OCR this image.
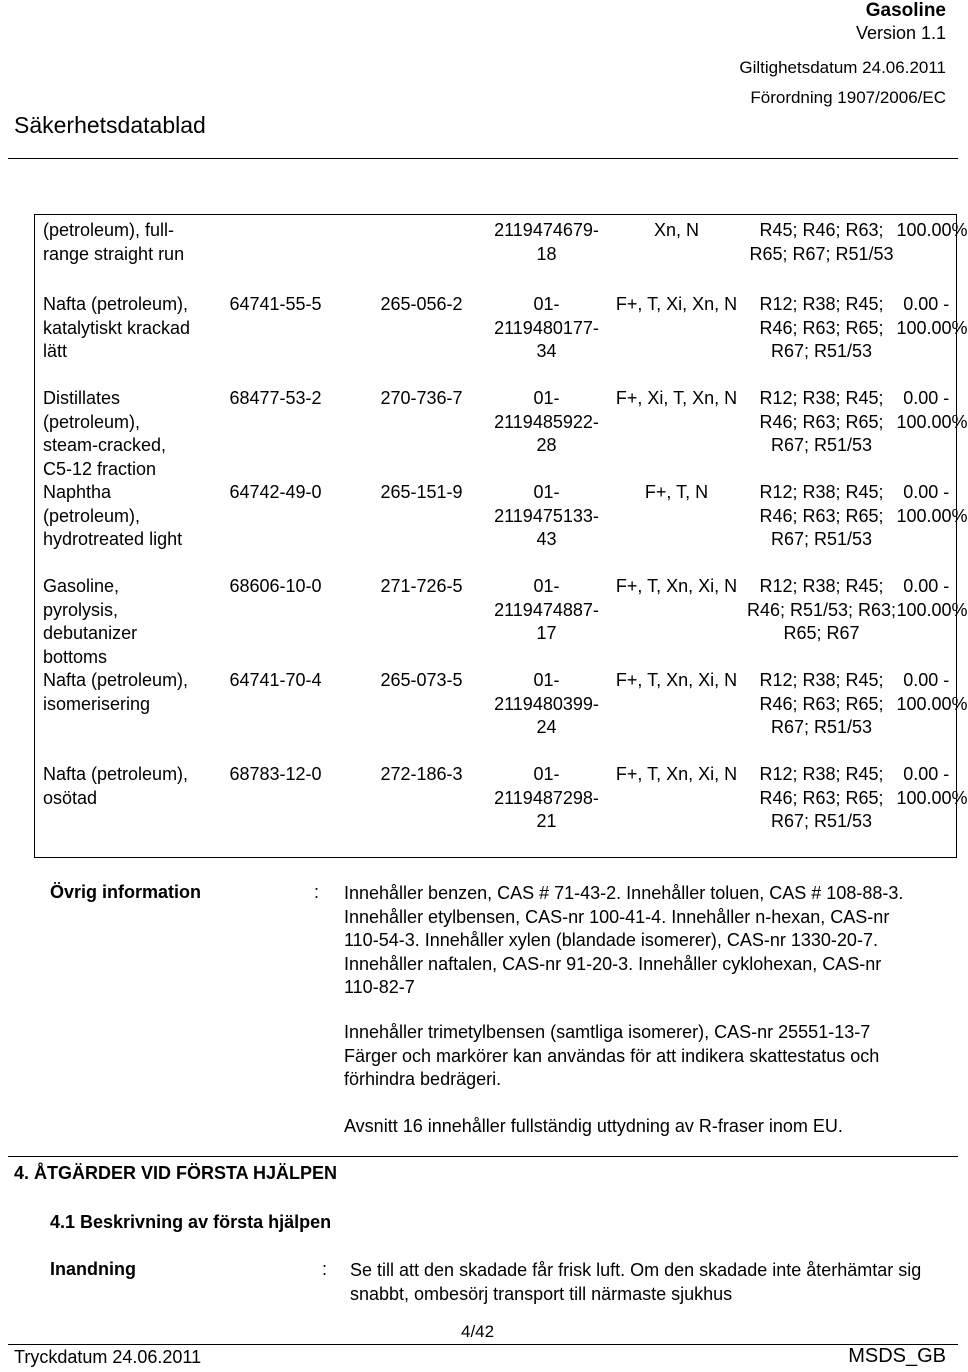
Gasoline
Version 1.1
Giltighetsdatum 24.06.2011
Förordning 1907/2006/EC
Säkerhetsdatablad
(petroleum), full-range straight run			2119474679-18	Xn, N	R45; R46; R63; R65; R67; R51/53	100.00%
Nafta (petroleum), katalytiskt krackad lätt	64741-55-5	265-056-2	01-2119480177-34	F+, T, Xi, Xn, N	R12; R38; R45; R46; R63; R65; R67; R51/53	0.00 - 100.00%
Distillates (petroleum), steam-cracked, C5-12 fraction	68477-53-2	270-736-7	01-2119485922-28	F+, Xi, T, Xn, N	R12; R38; R45; R46; R63; R65; R67; R51/53	0.00 - 100.00%
Naphtha (petroleum), hydrotreated light	64742-49-0	265-151-9	01-2119475133-43	F+, T, N	R12; R38; R45; R46; R63; R65; R67; R51/53	0.00 - 100.00%
Gasoline, pyrolysis, debutanizer bottoms	68606-10-0	271-726-5	01-2119474887-17	F+, T, Xn, Xi, N	R12; R38; R45; R46; R51/53; R63; R65; R67	0.00 - 100.00%
Nafta (petroleum), isomerisering	64741-70-4	265-073-5	01-2119480399-24	F+, T, Xn, Xi, N	R12; R38; R45; R46; R63; R65; R67; R51/53	0.00 - 100.00%
Nafta (petroleum), osötad	68783-12-0	272-186-3	01-2119487298-21	F+, T, Xn, Xi, N	R12; R38; R45; R46; R63; R65; R67; R51/53	0.00 - 100.00%
Övrig information	: Innehåller benzen, CAS # 71-43-2. Innehåller toluen, CAS # 108-88-3. Innehåller etylbensen, CAS-nr 100-41-4. Innehåller n-hexan, CAS-nr 110-54-3. Innehåller xylen (blandade isomerer), CAS-nr 1330-20-7. Innehåller naftalen, CAS-nr 91-20-3. Innehåller cyklohexan, CAS-nr 110-82-7
Innehåller trimetylbensen (samtliga isomerer), CAS-nr 25551-13-7 Färger och markörer kan användas för att indikera skattestatus och förhindra bedrägeri.
Avsnitt 16 innehåller fullständig uttydning av R-fraser inom EU.
4. ÅTGÄRDER VID FÖRSTA HJÄLPEN
4.1 Beskrivning av första hjälpen
Inandning	: Se till att den skadade får frisk luft. Om den skadade inte återhämtar sig snabbt, ombesörj transport till närmaste sjukhus
4/42
Tryckdatum 24.06.2011	MSDS_GB
